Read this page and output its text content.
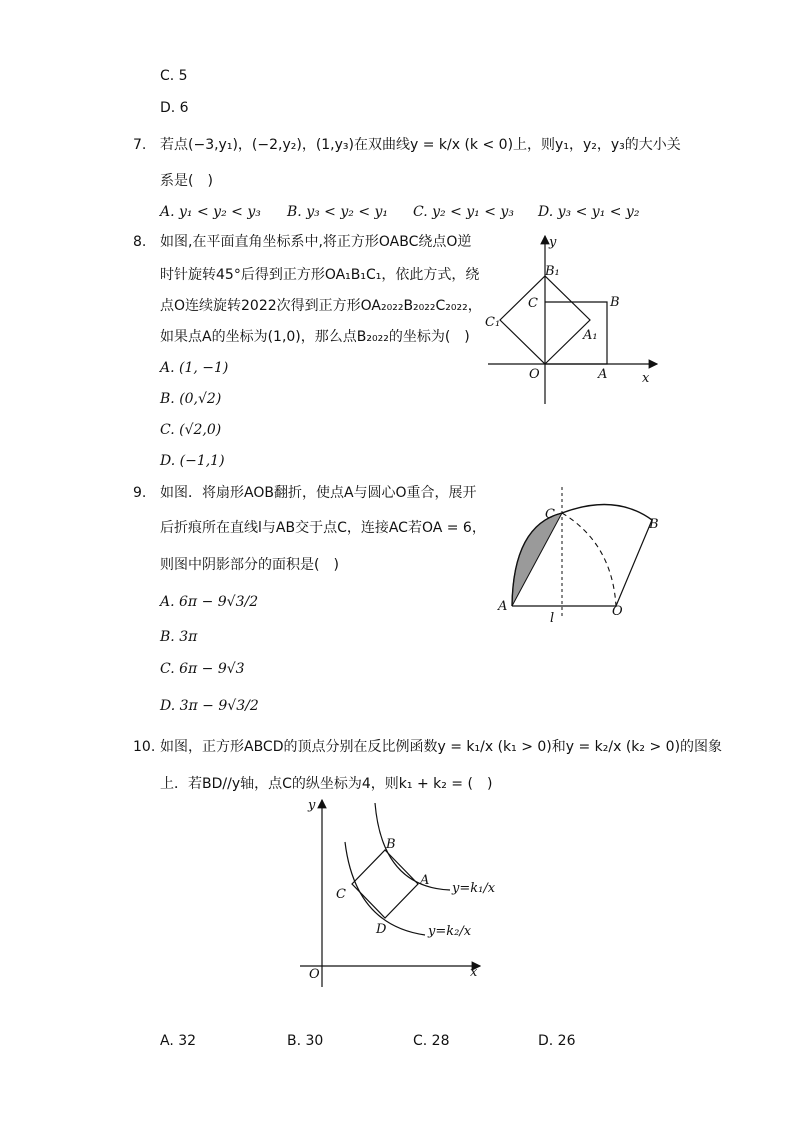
C. 5
D. 6
7. 若点(−3,y₁)，(−2,y₂)，(1,y₃)在双曲线y = k/x (k < 0)上，则y₁，y₂，y₃的大小关
系是(　)
A. y₁ < y₂ < y₃ B. y₃ < y₂ < y₁ C. y₂ < y₁ < y₃ D. y₃ < y₁ < y₂
8. 如图,在平面直角坐标系中,将正方形OABC绕点O逆
时针旋转45°后得到正方形OA₁B₁C₁，依此方式，绕
点O连续旋转2022次得到正方形OA₂₀₂₂B₂₀₂₂C₂₀₂₂，
如果点A的坐标为(1,0)，那么点B₂₀₂₂的坐标为(　)
A. (1, −1)
B. (0,√2)
C. (√2,0)
D. (−1,1)
y
x
O	A
B
C
A₁
B₁
C₁
9. 如图．将扇形AOB翻折，使点A与圆心O重合，展开
后折痕所在直线l与AB交于点C，连接AC若OA = 6，
则图中阴影部分的面积是(　)
A. 6π − 9√3/2
B. 3π
C. 6π − 9√3
D. 3π − 9√3/2
A	O
B
C
l
10. 如图，正方形ABCD的顶点分别在反比例函数y = k₁/x (k₁ > 0)和y = k₂/x (k₂ > 0)的图象
上．若BD//y轴，点C的纵坐标为4，则k₁ + k₂ = (　)
B
A
C
D
y
x
O
y=k₁/x
y=k₂/x
A. 32	B. 30	C. 28	D. 26
